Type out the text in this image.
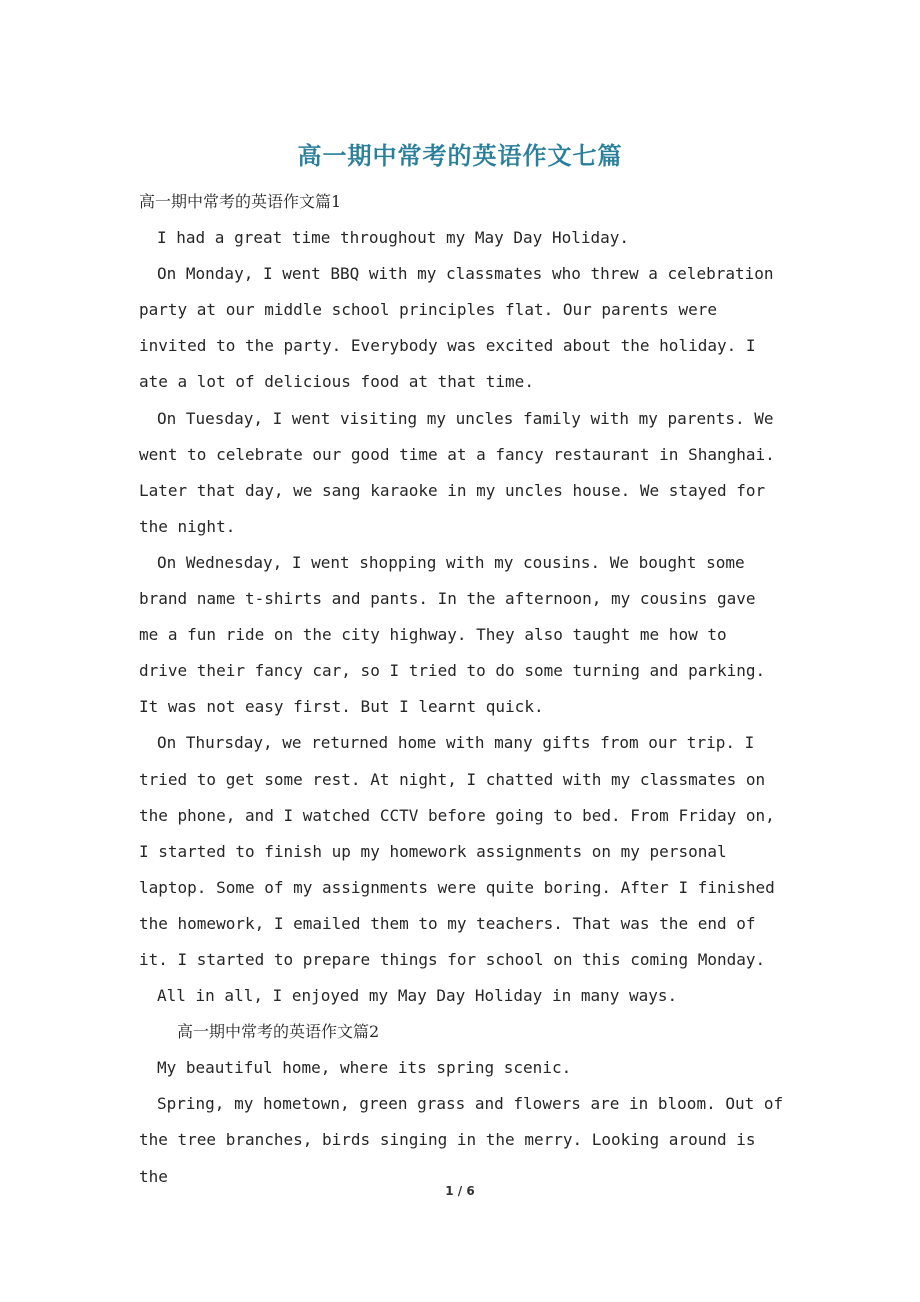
高一期中常考的英语作文七篇

高一期中常考的英语作文篇1

I had a great time throughout my May Day Holiday.

On Monday, I went BBQ with my classmates who threw a celebration party at our middle school principles flat. Our parents were invited to the party. Everybody was excited about the holiday. I ate a lot of delicious food at that time.

On Tuesday, I went visiting my uncles family with my parents. We went to celebrate our good time at a fancy restaurant in Shanghai. Later that day, we sang karaoke in my uncles house. We stayed for the night.

On Wednesday, I went shopping with my cousins. We bought some brand name t-shirts and pants. In the afternoon, my cousins gave me a fun ride on the city highway. They also taught me how to drive their fancy car, so I tried to do some turning and parking. It was not easy first. But I learnt quick.

On Thursday, we returned home with many gifts from our trip. I tried to get some rest. At night, I chatted with my classmates on the phone, and I watched CCTV before going to bed. From Friday on, I started to finish up my homework assignments on my personal laptop. Some of my assignments were quite boring. After I finished the homework, I emailed them to my teachers. That was the end of it. I started to prepare things for school on this coming Monday.

All in all, I enjoyed my May Day Holiday in many ways.

高一期中常考的英语作文篇2

My beautiful home, where its spring scenic.

Spring, my hometown, green grass and flowers are in bloom. Out of the tree branches, birds singing in the merry. Looking around is the

1 / 6
